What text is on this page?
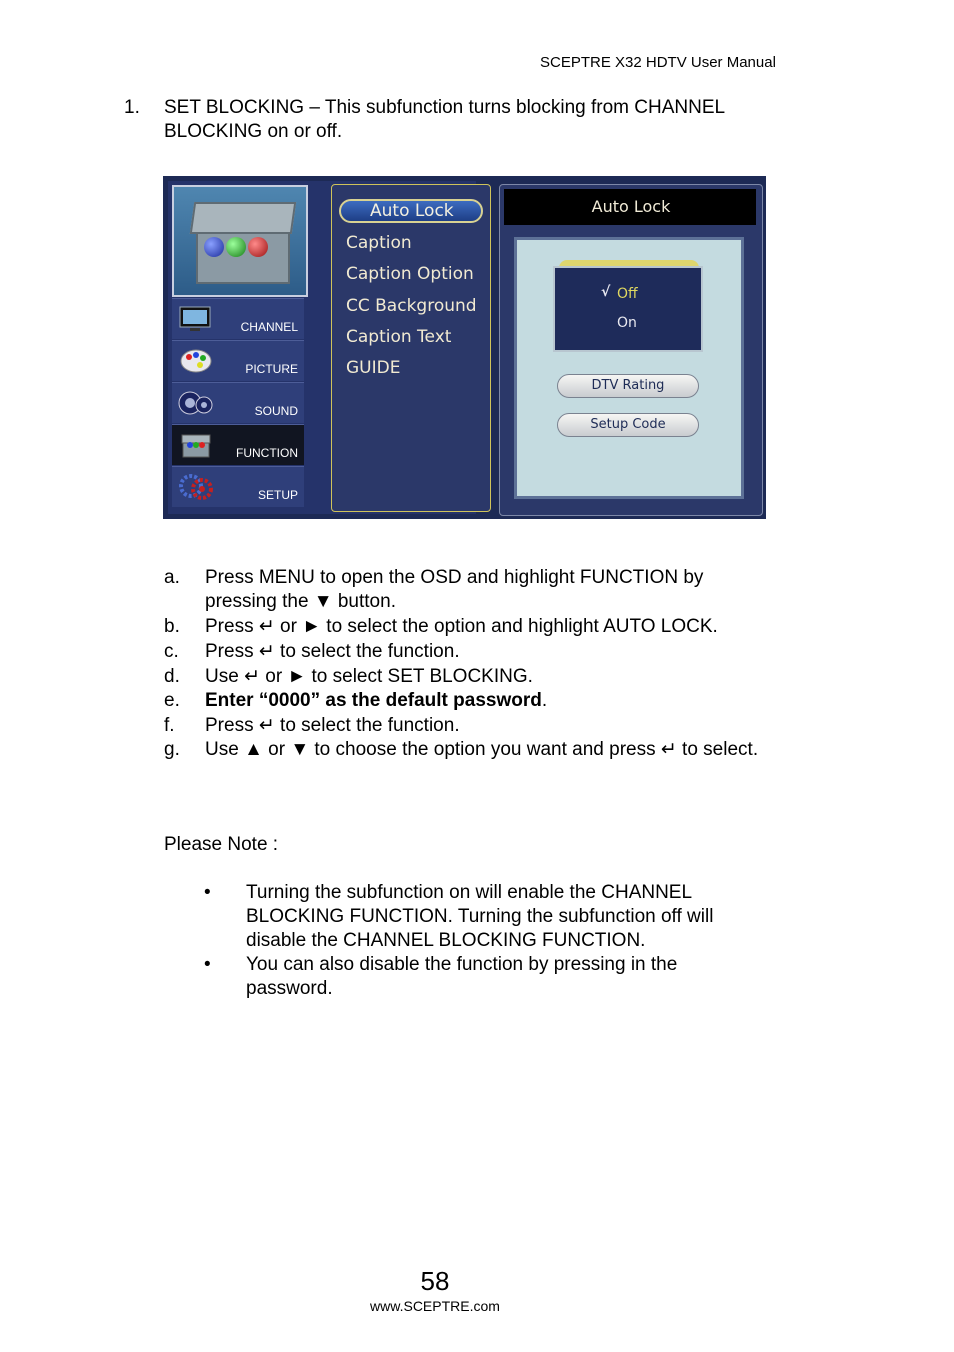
SCEPTRE X32 HDTV User Manual
1. SET BLOCKING – This subfunction turns blocking from CHANNEL BLOCKING on or off.
CHANNEL
PICTURE
SOUND
FUNCTION
SETUP
Auto Lock
Caption
Caption Option
CC Background
Caption Text
GUIDE
Auto Lock
DTV Rating
Setup Code
√ Off
On
a. Press MENU to open the OSD and highlight FUNCTION by pressing the ▼ button.
b. Press ↵ or ► to select the option and highlight AUTO LOCK.
c. Press ↵ to select the function.
d. Use ↵ or ► to select SET BLOCKING.
e. Enter “0000” as the default password.
f. Press ↵ to select the function.
g. Use ▲ or ▼ to choose the option you want and press ↵ to select.
Please Note :
• Turning the subfunction on will enable the CHANNEL BLOCKING FUNCTION. Turning the subfunction off will disable the CHANNEL BLOCKING FUNCTION.
• You can also disable the function by pressing in the password.
58
www.SCEPTRE.com
